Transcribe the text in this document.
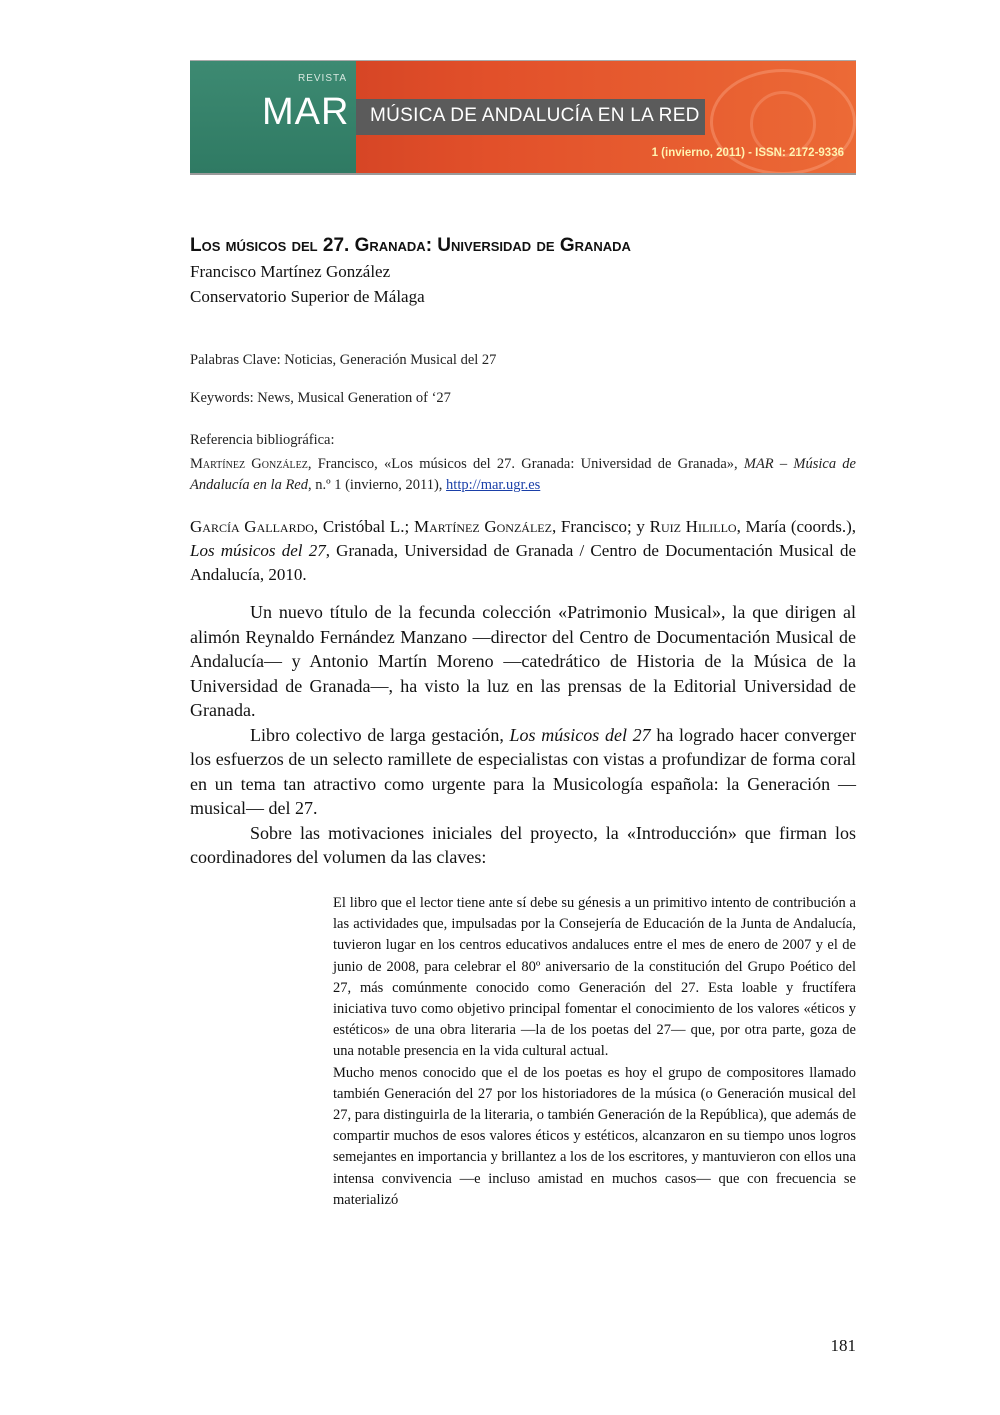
REVISTA
MAR MÚSICA DE ANDALUCÍA EN LA RED
1 (invierno, 2011) - ISSN: 2172-9336
Los músicos del 27. Granada: Universidad de Granada
Francisco Martínez González
Conservatorio Superior de Málaga
Palabras Clave: Noticias, Generación Musical del 27
Keywords: News, Musical Generation of ‘27
Referencia bibliográfica:
Martínez González, Francisco, «Los músicos del 27. Granada: Universidad de Granada», MAR – Música de Andalucía en la Red, n.º 1 (invierno, 2011), http://mar.ugr.es
García Gallardo, Cristóbal L.; Martínez González, Francisco; y Ruiz Hilillo, María (coords.), Los músicos del 27, Granada, Universidad de Granada / Centro de Documentación Musical de Andalucía, 2010.

Un nuevo título de la fecunda colección «Patrimonio Musical», la que dirigen al alimón Reynaldo Fernández Manzano —director del Centro de Documentación Musical de Andalucía— y Antonio Martín Moreno —catedrático de Historia de la Música de la Universidad de Granada—, ha visto la luz en las prensas de la Editorial Universidad de Granada.

Libro colectivo de larga gestación, Los músicos del 27 ha logrado hacer converger los esfuerzos de un selecto ramillete de especialistas con vistas a profundizar de forma coral en un tema tan atractivo como urgente para la Musicología española: la Generación —musical— del 27.

Sobre las motivaciones iniciales del proyecto, la «Introducción» que firman los coordinadores del volumen da las claves:

El libro que el lector tiene ante sí debe su génesis a un primitivo intento de contribución a las actividades que, impulsadas por la Consejería de Educación de la Junta de Andalucía, tuvieron lugar en los centros educativos andaluces entre el mes de enero de 2007 y el de junio de 2008, para celebrar el 80º aniversario de la constitución del Grupo Poético del 27, más comúnmente conocido como Generación del 27. Esta loable y fructífera iniciativa tuvo como objetivo principal fomentar el conocimiento de los valores «éticos y estéticos» de una obra literaria —la de los poetas del 27— que, por otra parte, goza de una notable presencia en la vida cultural actual.

Mucho menos conocido que el de los poetas es hoy el grupo de compositores llamado también Generación del 27 por los historiadores de la música (o Generación musical del 27, para distinguirla de la literaria, o también Generación de la República), que además de compartir muchos de esos valores éticos y estéticos, alcanzaron en su tiempo unos logros semejantes en importancia y brillantez a los de los escritores, y mantuvieron con ellos una intensa convivencia —e incluso amistad en muchos casos— que con frecuencia se materializó

181
